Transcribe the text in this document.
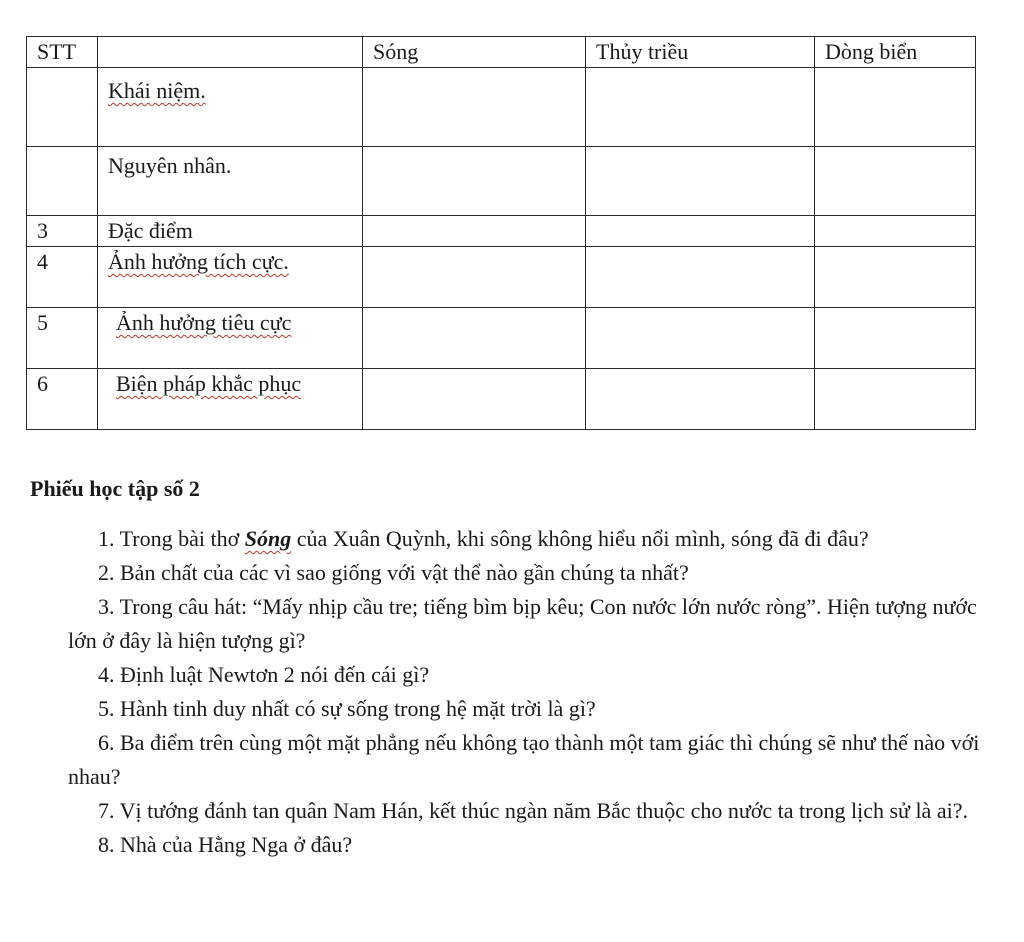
STT		Sóng	Thủy triều	Dòng biển
	Khái niệm.			
	Nguyên nhân.			
3	Đặc điểm			
4	Ảnh hưởng tích cực.			
5	Ảnh hưởng tiêu cực			
6	Biện pháp khắc phục			

Phiếu học tập số 2

1. Trong bài thơ Sóng của Xuân Quỳnh, khi sông không hiểu nổi mình, sóng đã đi đâu?

2. Bản chất của các vì sao giống với vật thể nào gần chúng ta nhất?

3. Trong câu hát: “Mấy nhịp cầu tre; tiếng bìm bịp kêu; Con nước lớn nước ròng”. Hiện tượng nước lớn ở đây là hiện tượng gì?

4. Định luật Newtơn 2 nói đến cái gì?

5. Hành tinh duy nhất có sự sống trong hệ mặt trời là gì?

6. Ba điểm trên cùng một mặt phẳng nếu không tạo thành một tam giác thì chúng sẽ như thế nào với nhau?

7. Vị tướng đánh tan quân Nam Hán, kết thúc ngàn năm Bắc thuộc cho nước ta trong lịch sử là ai?.

8. Nhà của Hằng Nga ở đâu?
